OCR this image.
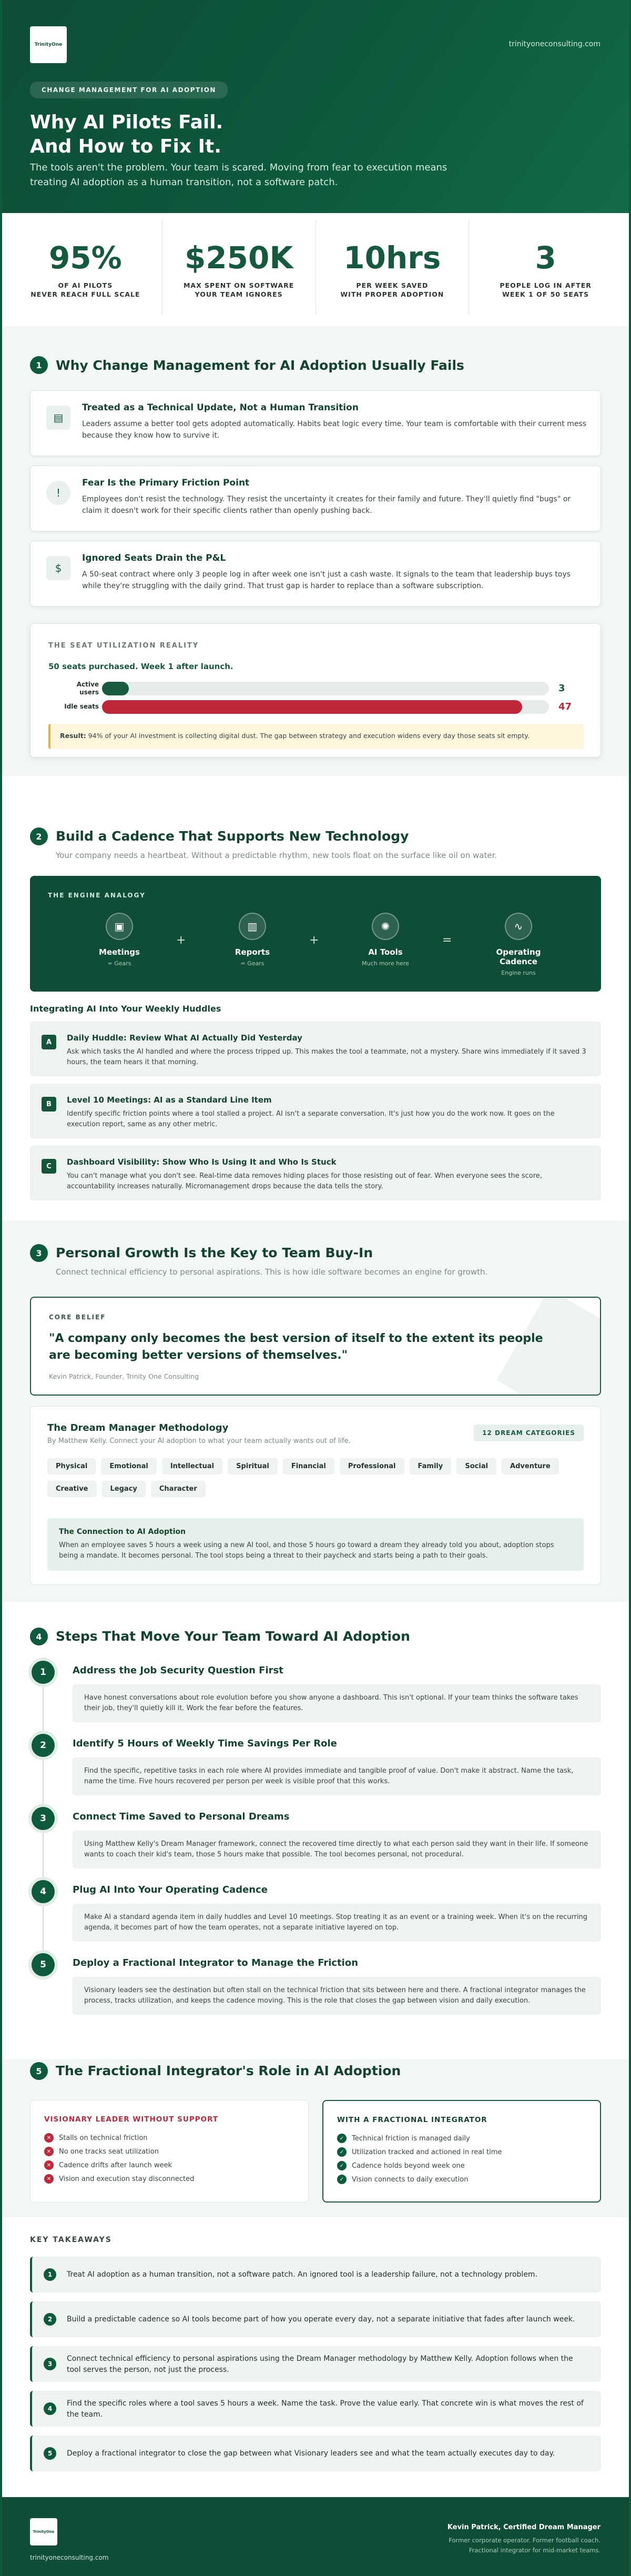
TrinityOne	trinityoneconsulting.com
CHANGE MANAGEMENT FOR AI ADOPTION
Why AI Pilots Fail.
And How to Fix It.

The tools aren't the problem. Your team is scared. Moving from fear to execution means treating AI adoption as a human transition, not a software patch.

95%
OF AI PILOTS
NEVER REACH FULL SCALE
$250K
MAX SPENT ON SOFTWARE
YOUR TEAM IGNORES
10hrs
PER WEEK SAVED
WITH PROPER ADOPTION
3
PEOPLE LOG IN AFTER
WEEK 1 OF 50 SEATS
1	Why Change Management for AI Adoption Usually Fails
▤
Treated as a Technical Update, Not a Human Transition
Leaders assume a better tool gets adopted automatically. Habits beat logic every time. Your team is comfortable with their current mess because they know how to survive it.
!
Fear Is the Primary Friction Point
Employees don't resist the technology. They resist the uncertainty it creates for their family and future. They'll quietly find "bugs" or claim it doesn't work for their specific clients rather than openly pushing back.
$
Ignored Seats Drain the P&L
A 50-seat contract where only 3 people log in after week one isn't just a cash waste. It signals to the team that leadership buys toys while they're struggling with the daily grind. That trust gap is harder to replace than a software subscription.
THE SEAT UTILIZATION REALITY
50 seats purchased. Week 1 after launch.
Active
users	3
Idle seats	47
Result: 94% of your AI investment is collecting digital dust. The gap between strategy and execution widens every day those seats sit empty.
2	Build a Cadence That Supports New Technology
Your company needs a heartbeat. Without a predictable rhythm, new tools float on the surface like oil on water.
THE ENGINE ANALOGY
▣
Meetings
= Gears
+
▥
Reports
= Gears
+
✺
AI Tools
Much more here
=
∿
Operating Cadence
Engine runs
Integrating AI Into Your Weekly Huddles
A	Daily Huddle: Review What AI Actually Did Yesterday
Ask which tasks the AI handled and where the process tripped up. This makes the tool a teammate, not a mystery. Share wins immediately if it saved 3 hours, the team hears it that morning.
B	Level 10 Meetings: AI as a Standard Line Item
Identify specific friction points where a tool stalled a project. AI isn't a separate conversation. It's just how you do the work now. It goes on the execution report, same as any other metric.
C	Dashboard Visibility: Show Who Is Using It and Who Is Stuck
You can't manage what you don't see. Real-time data removes hiding places for those resisting out of fear. When everyone sees the score, accountability increases naturally. Micromanagement drops because the data tells the story.
3	Personal Growth Is the Key to Team Buy-In
Connect technical efficiency to personal aspirations. This is how idle software becomes an engine for growth.
CORE BELIEF
"A company only becomes the best version of itself to the extent its people are becoming better versions of themselves."
Kevin Patrick, Founder, Trinity One Consulting
The Dream Manager Methodology
By Matthew Kelly. Connect your AI adoption to what your team actually wants out of life.
12 DREAM CATEGORIES
Physical	Emotional	Intellectual	Spiritual	Financial	Professional	Family	Social	AdventureCreative	Legacy	Character
The Connection to AI Adoption
When an employee saves 5 hours a week using a new AI tool, and those 5 hours go toward a dream they already told you about, adoption stops being a mandate. It becomes personal. The tool stops being a threat to their paycheck and starts being a path to their goals.
4	Steps That Move Your Team Toward AI Adoption
1	Address the Job Security Question First
Have honest conversations about role evolution before you show anyone a dashboard. This isn't optional. If your team thinks the software takes their job, they'll quietly kill it. Work the fear before the features.
2	Identify 5 Hours of Weekly Time Savings Per Role
Find the specific, repetitive tasks in each role where AI provides immediate and tangible proof of value. Don't make it abstract. Name the task, name the time. Five hours recovered per person per week is visible proof that this works.
3	Connect Time Saved to Personal Dreams
Using Matthew Kelly's Dream Manager framework, connect the recovered time directly to what each person said they want in their life. If someone wants to coach their kid's team, those 5 hours make that possible. The tool becomes personal, not procedural.
4	Plug AI Into Your Operating Cadence
Make AI a standard agenda item in daily huddles and Level 10 meetings. Stop treating it as an event or a training week. When it's on the recurring agenda, it becomes part of how the team operates, not a separate initiative layered on top.
5	Deploy a Fractional Integrator to Manage the Friction
Visionary leaders see the destination but often stall on the technical friction that sits between here and there. A fractional integrator manages the process, tracks utilization, and keeps the cadence moving. This is the role that closes the gap between vision and daily execution.
5	The Fractional Integrator's Role in AI Adoption
VISIONARY LEADER WITHOUT SUPPORT
✕	Stalls on technical friction
✕	No one tracks seat utilization
✕	Cadence drifts after launch week
✕	Vision and execution stay disconnected
WITH A FRACTIONAL INTEGRATOR
✓	Technical friction is managed daily
✓	Utilization tracked and actioned in real time
✓	Cadence holds beyond week one
✓	Vision connects to daily execution
KEY TAKEAWAYS
1	Treat AI adoption as a human transition, not a software patch. An ignored tool is a leadership failure, not a technology problem.
2	Build a predictable cadence so AI tools become part of how you operate every day, not a separate initiative that fades after launch week.
3
Connect technical efficiency to personal aspirations using the Dream Manager methodology by Matthew Kelly. Adoption follows when the tool serves the person, not just the process.
4
Find the specific roles where a tool saves 5 hours a week. Name the task. Prove the value early. That concrete win is what moves the rest of the team.
5	Deploy a fractional integrator to close the gap between what Visionary leaders see and what the team actually executes day to day.
TrinityOne
trinityoneconsulting.com
Kevin Patrick, Certified Dream Manager
Former corporate operator. Former football coach.
Fractional integrator for mid-market teams.
